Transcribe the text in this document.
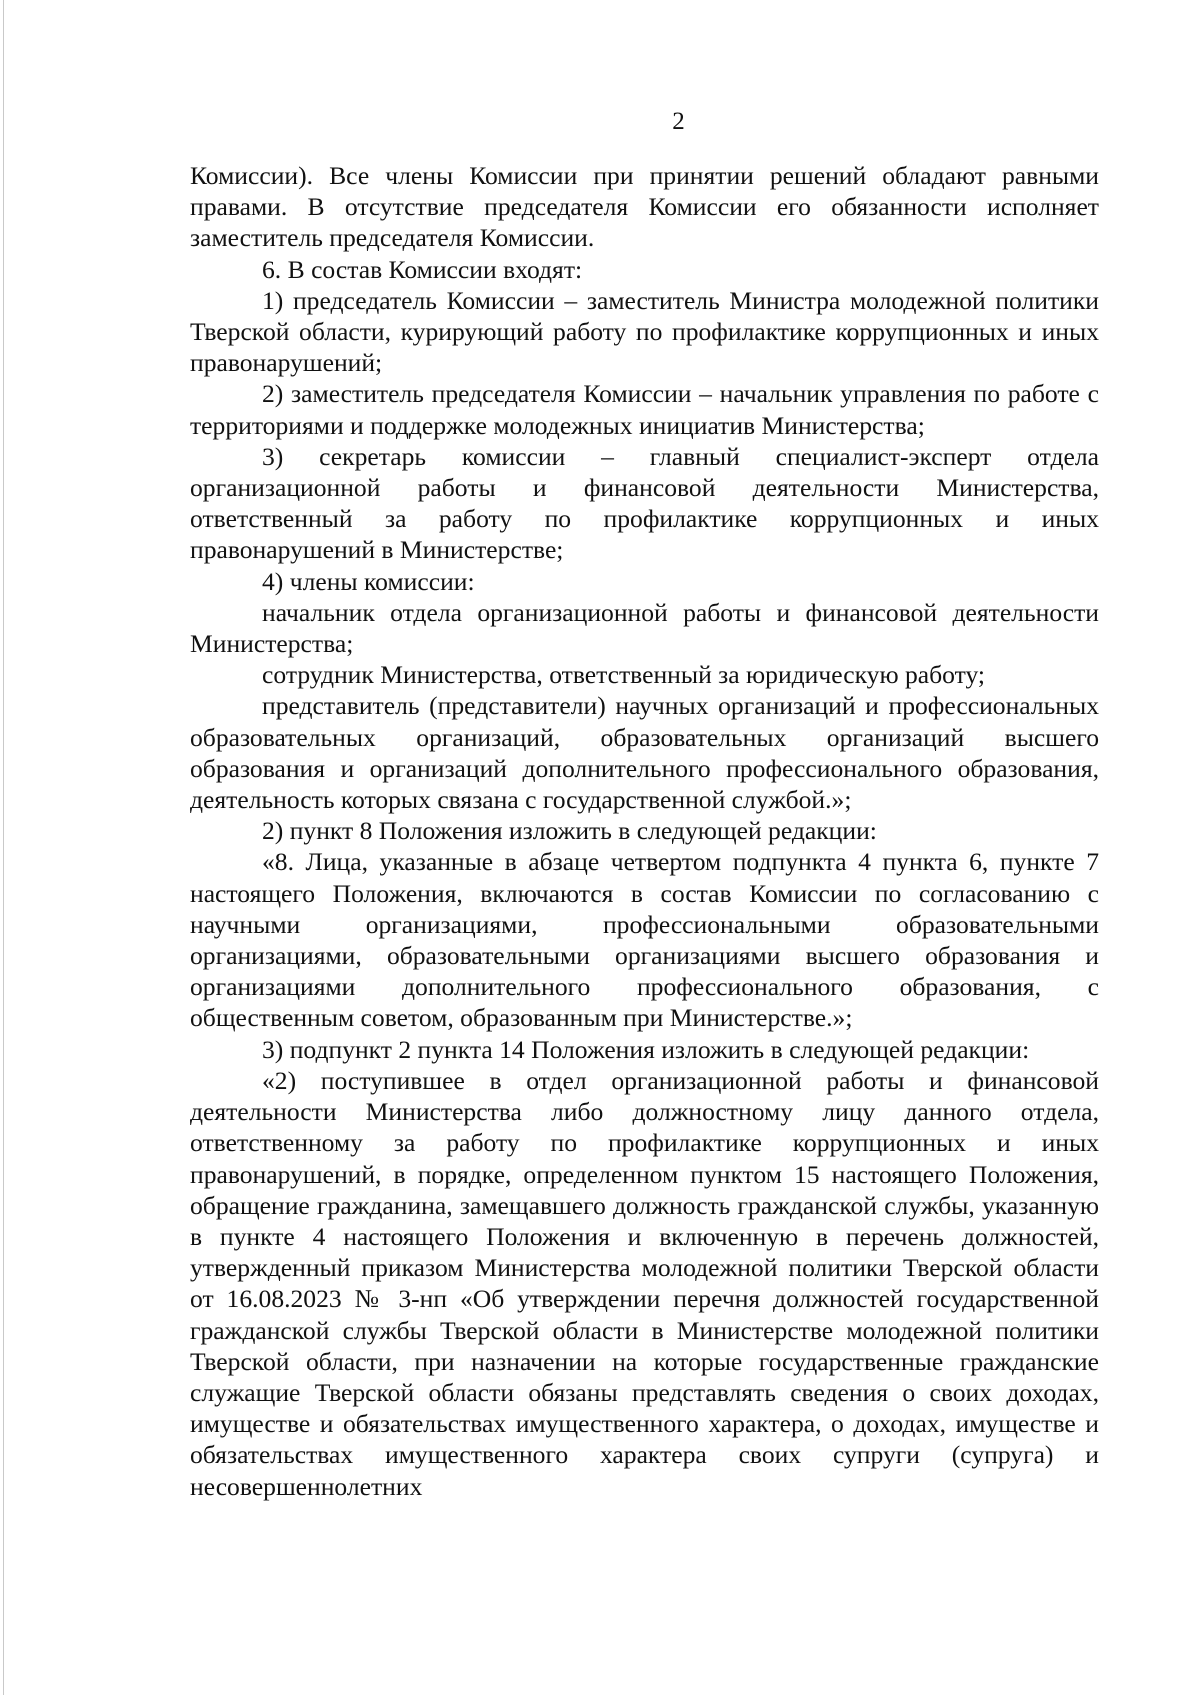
2

Комиссии). Все члены Комиссии при принятии решений обладают равными правами. В отсутствие председателя Комиссии его обязанности исполняет заместитель председателя Комиссии.

6. В состав Комиссии входят:

1) председатель Комиссии – заместитель Министра молодежной политики Тверской области, курирующий работу по профилактике коррупционных и иных правонарушений;

2) заместитель председателя Комиссии – начальник управления по работе с территориями и поддержке молодежных инициатив Министерства;

3) секретарь комиссии – главный специалист-эксперт отдела организационной работы и финансовой деятельности Министерства, ответственный за работу по профилактике коррупционных и иных правонарушений в Министерстве;

4) члены комиссии:

начальник отдела организационной работы и финансовой деятельности Министерства;

сотрудник Министерства, ответственный за юридическую работу;

представитель (представители) научных организаций и профессиональных образовательных организаций, образовательных организаций высшего образования и организаций дополнительного профессионального образования, деятельность которых связана с государственной службой.»;

2) пункт 8 Положения изложить в следующей редакции:

«8. Лица, указанные в абзаце четвертом подпункта 4 пункта 6, пункте 7 настоящего Положения, включаются в состав Комиссии по согласованию с научными организациями, профессиональными образовательными организациями, образовательными организациями высшего образования и организациями дополнительного профессионального образования, с общественным советом, образованным при Министерстве.»;

3) подпункт 2 пункта 14 Положения изложить в следующей редакции:

«2) поступившее в отдел организационной работы и финансовой деятельности Министерства либо должностному лицу данного отдела, ответственному за работу по профилактике коррупционных и иных правонарушений, в порядке, определенном пунктом 15 настоящего Положения, обращение гражданина, замещавшего должность гражданской службы, указанную в пункте 4 настоящего Положения и включенную в перечень должностей, утвержденный приказом Министерства молодежной политики Тверской области от 16.08.2023 № 3-нп «Об утверждении перечня должностей государственной гражданской службы Тверской области в Министерстве молодежной политики Тверской области, при назначении на которые государственные гражданские служащие Тверской области обязаны представлять сведения о своих доходах, имуществе и обязательствах имущественного характера, о доходах, имуществе и обязательствах имущественного характера своих супруги (супруга) и несовершеннолетних
